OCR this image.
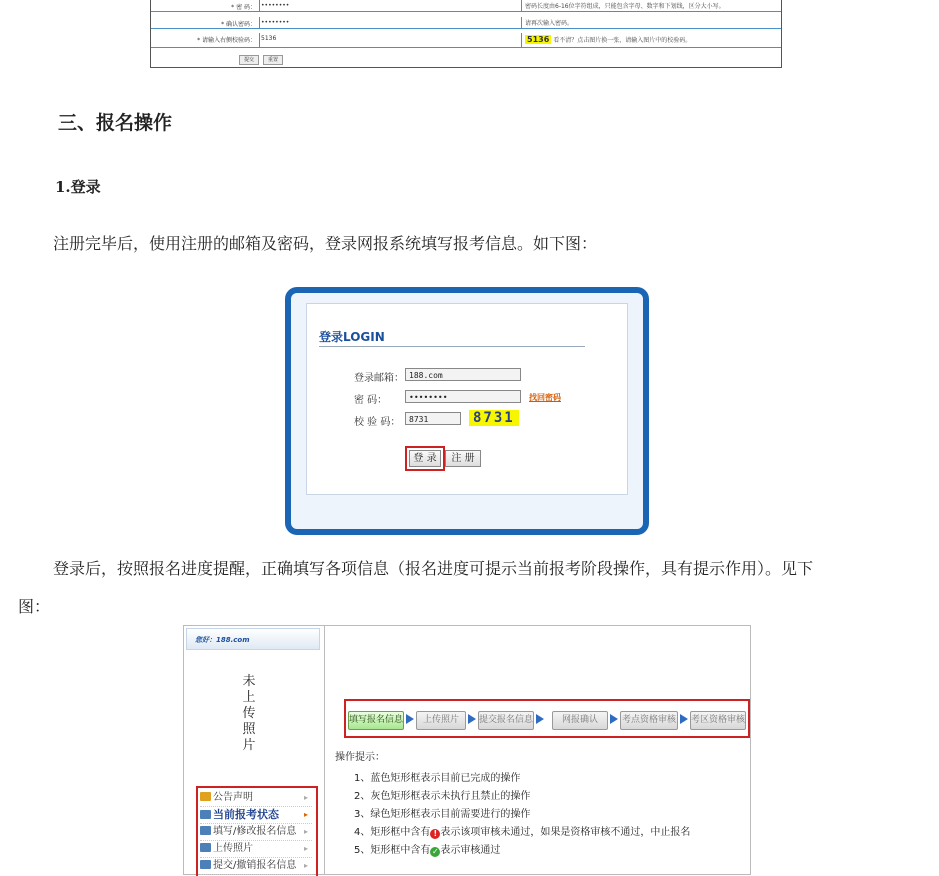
* 密 码： ••••••••	密码长度由6-16位字符组成，只能包含字母、数字和下划线，区分大小写。
* 确认密码： ••••••••	请再次输入密码。
* 请输入右侧校验码： 5136	5136 看不清？点击图片换一张，请输入图片中的校验码。
提交	重置
三、报名操作
1.登录
注册完毕后，使用注册的邮箱及密码，登录网报系统填写报考信息。如下图：
登录LOGIN
登录邮箱： 188.com
密 码：	••••••••	找回密码
校 验 码：	8731	8731
登 录	注 册
登录后，按照报名进度提醒，正确填写各项信息（报名进度可提示当前报考阶段操作，具有提示作用）。见下
图：
您好：188.com
未
上
传
照
片
公告声明	▸
当前报考状态	▸
填写/修改报名信息 ▸
上传照片	▸
提交/撤销报名信息 ▸
填写报名信息	上传照片	提交报名信息	网报确认	考点资格审核 考区资格审核
操作提示：
1、蓝色矩形框表示目前已完成的操作
2、灰色矩形框表示未执行且禁止的操作
3、绿色矩形框表示目前需要进行的操作
4、矩形框中含有 ! 表示该项审核未通过，如果是资格审核不通过，中止报名
5、矩形框中含有 ✓ 表示审核通过
